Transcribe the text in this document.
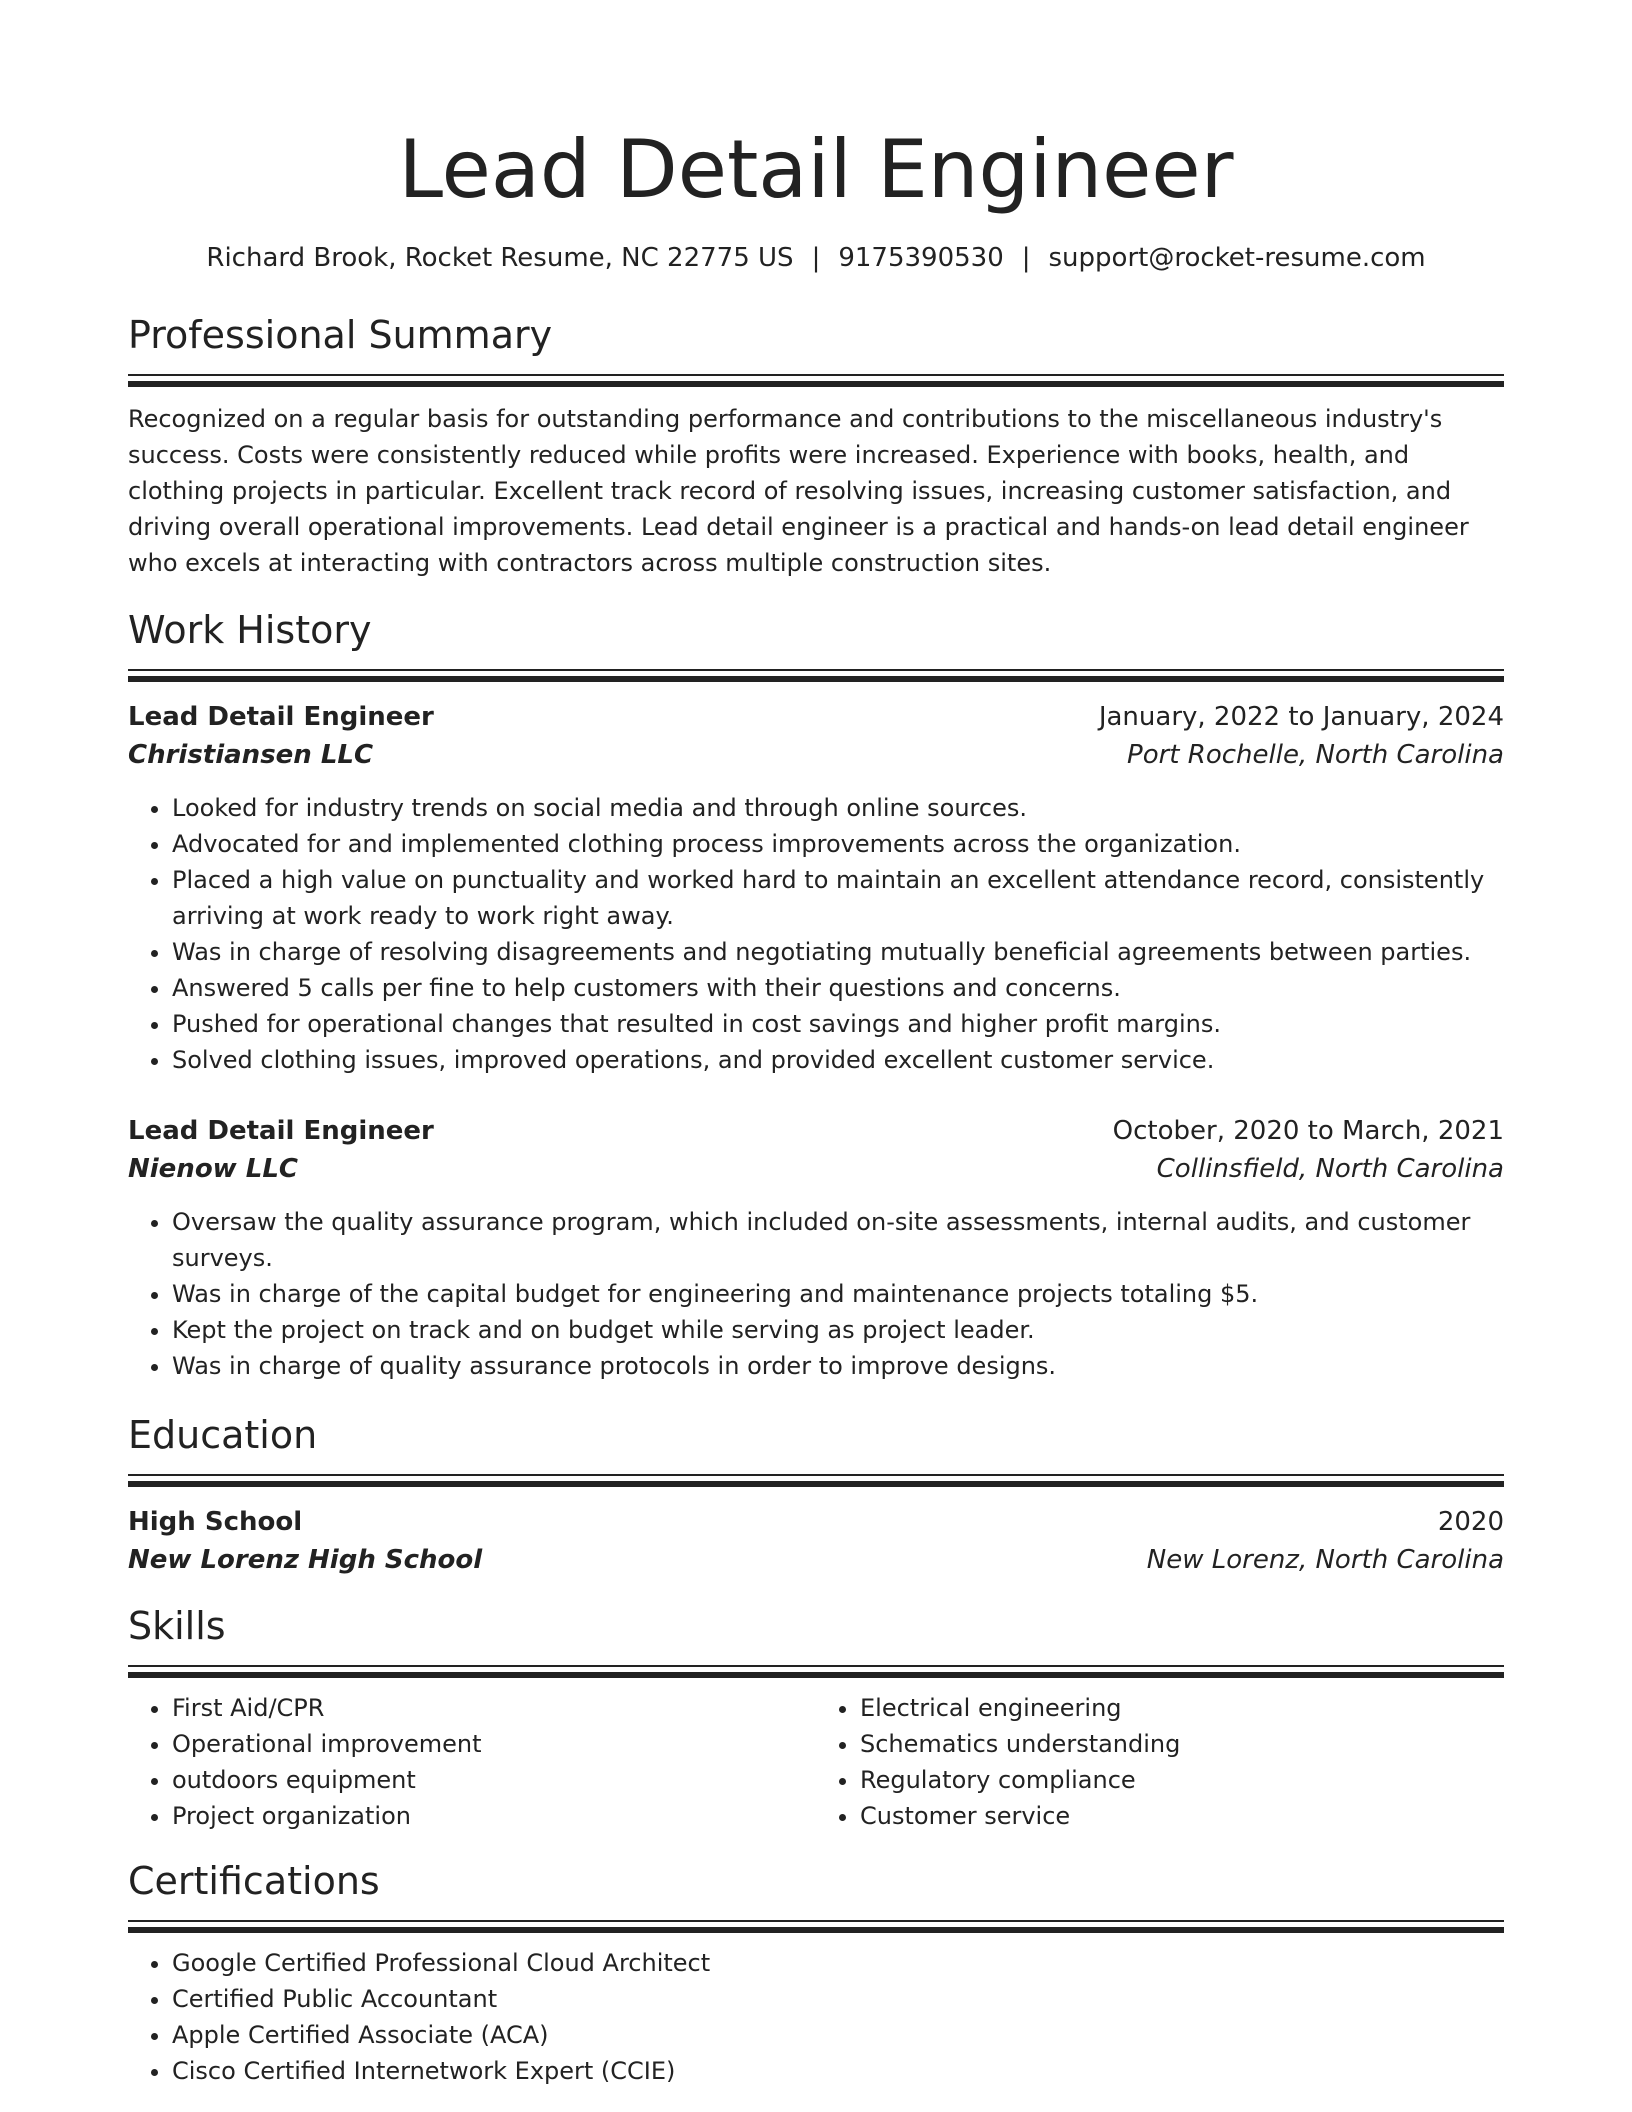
Lead Detail Engineer
Richard Brook, Rocket Resume, NC 22775 US | 9175390530 | support@rocket-resume.com
Professional Summary

Recognized on a regular basis for outstanding performance and contributions to the miscellaneous industry's success. Costs were consistently reduced while profits were increased. Experience with books, health, and clothing projects in particular. Excellent track record of resolving issues, increasing customer satisfaction, and driving overall operational improvements. Lead detail engineer is a practical and hands-on lead detail engineer who excels at interacting with contractors across multiple construction sites.

Work History
Lead Detail Engineer	January, 2022 to January, 2024
Christiansen LLC	Port Rochelle, North Carolina
• Looked for industry trends on social media and through online sources.
• Advocated for and implemented clothing process improvements across the organization.
• Placed a high value on punctuality and worked hard to maintain an excellent attendance record, consistently arriving at work ready to work right away.
• Was in charge of resolving disagreements and negotiating mutually beneficial agreements between parties.
• Answered 5 calls per fine to help customers with their questions and concerns.
• Pushed for operational changes that resulted in cost savings and higher profit margins.
• Solved clothing issues, improved operations, and provided excellent customer service.
Lead Detail Engineer	October, 2020 to March, 2021
Nienow LLC	Collinsfield, North Carolina
• Oversaw the quality assurance program, which included on-site assessments, internal audits, and customer surveys.
• Was in charge of the capital budget for engineering and maintenance projects totaling $5.
• Kept the project on track and on budget while serving as project leader.
• Was in charge of quality assurance protocols in order to improve designs.
Education
High School	2020
New Lorenz High School	New Lorenz, North Carolina
Skills
• First Aid/CPR
• Operational improvement
• outdoors equipment
• Project organization
• Electrical engineering
• Schematics understanding
• Regulatory compliance
• Customer service
Certifications
• Google Certified Professional Cloud Architect
• Certified Public Accountant
• Apple Certified Associate (ACA)
• Cisco Certified Internetwork Expert (CCIE)
